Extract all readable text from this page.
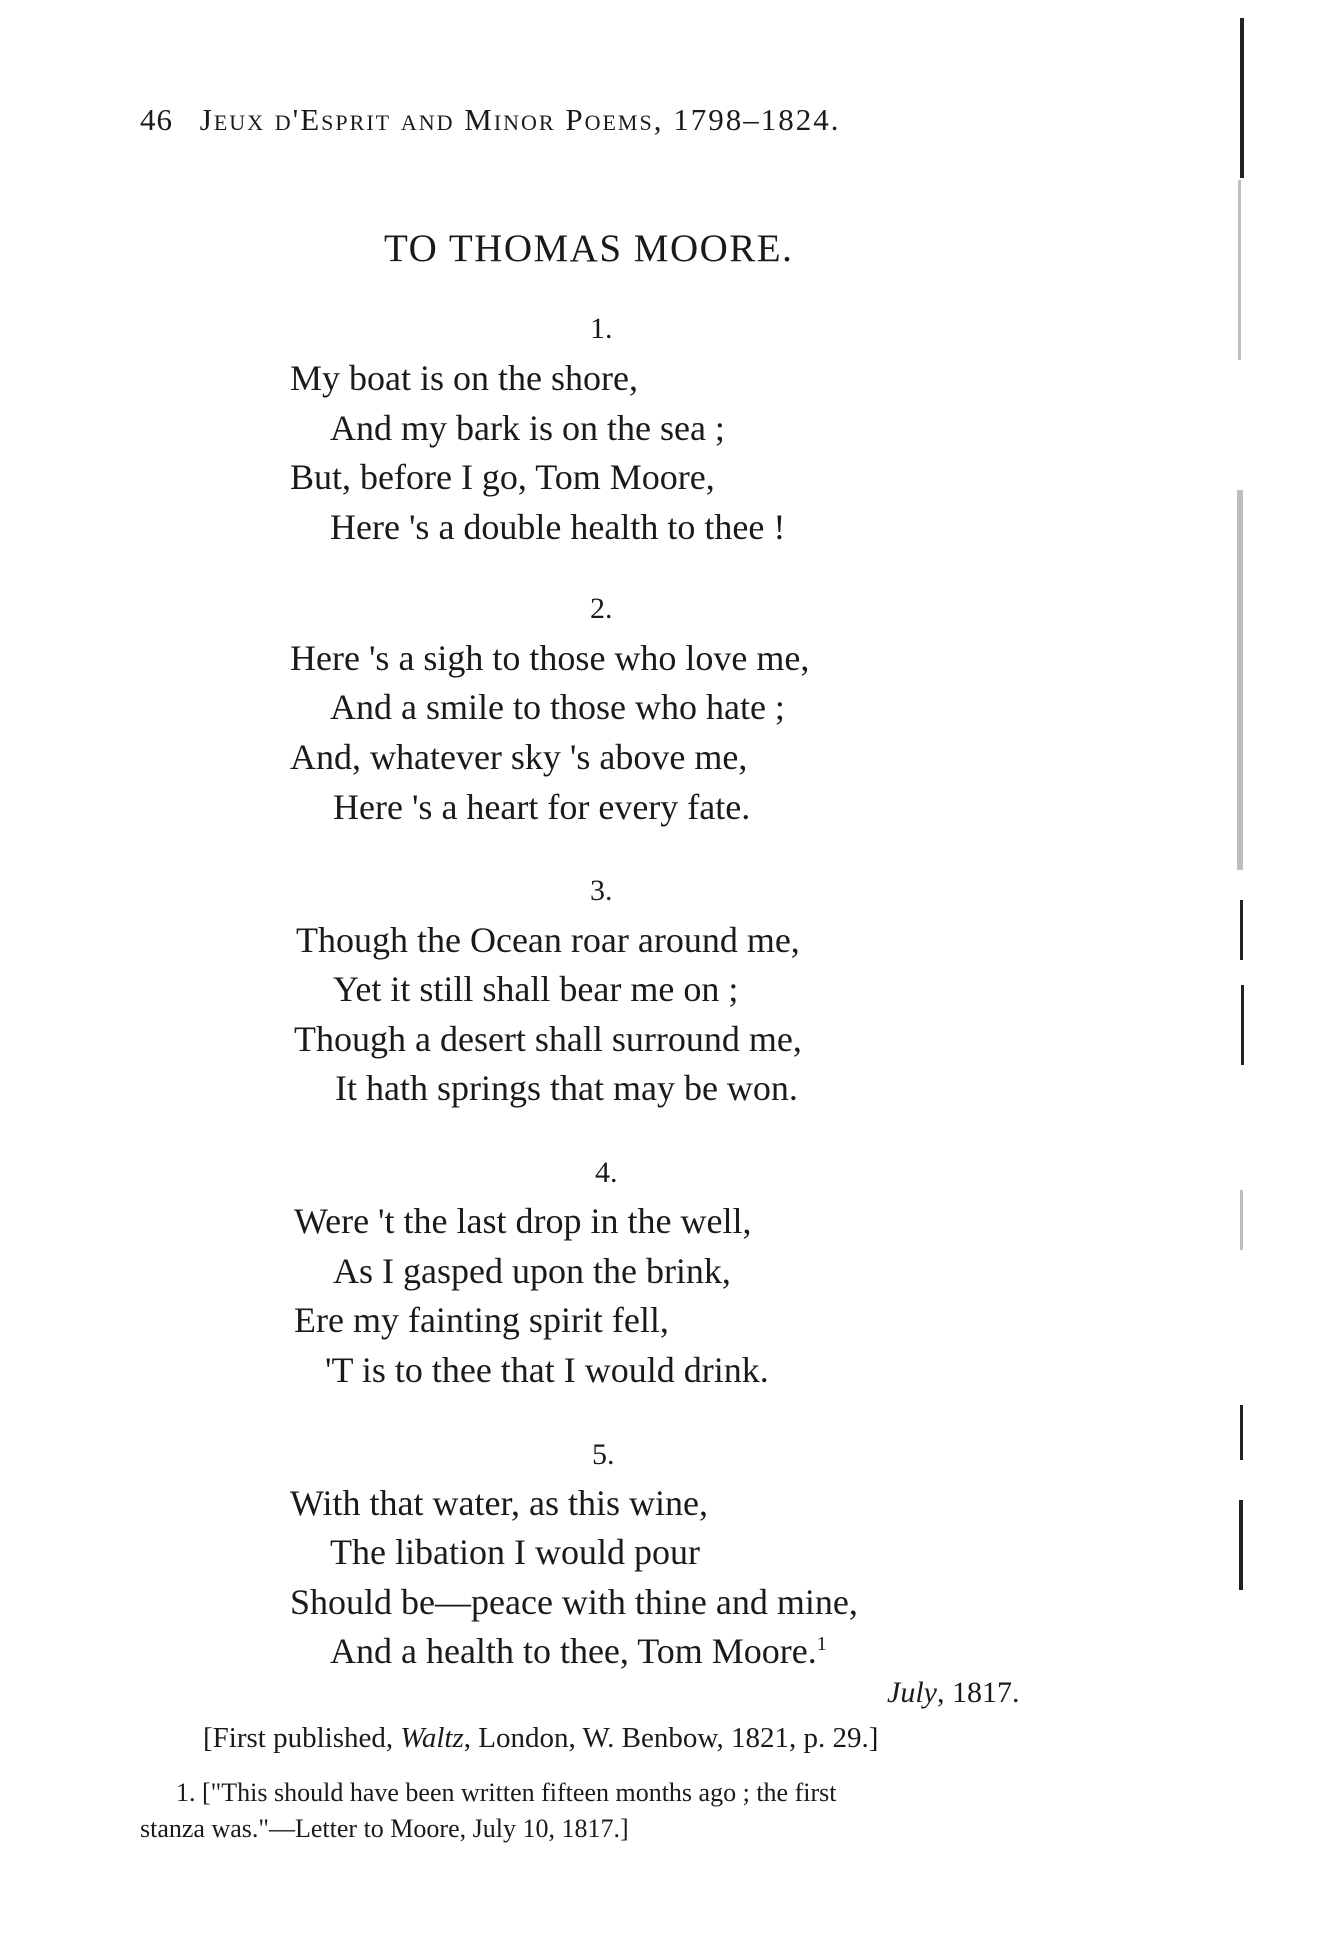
46 Jeux d'Esprit and Minor Poems, 1798–1824.
TO THOMAS MOORE.
1.
My boat is on the shore,
And my bark is on the sea ;
But, before I go, Tom Moore,
Here 's a double health to thee !
2.
Here 's a sigh to those who love me,
And a smile to those who hate ;
And, whatever sky 's above me,
Here 's a heart for every fate.
3.
Though the Ocean roar around me,
Yet it still shall bear me on ;
Though a desert shall surround me,
It hath springs that may be won.
4.
Were 't the last drop in the well,
As I gasped upon the brink,
Ere my fainting spirit fell,
'T is to thee that I would drink.
5.
With that water, as this wine,
The libation I would pour
Should be—peace with thine and mine,
And a health to thee, Tom Moore.$^1$
July, 1817.
[First published, Waltz, London, W. Benbow, 1821, p. 29.]
1. ["This should have been written fifteen months ago ; the first
stanza was."—Letter to Moore, July 10, 1817.]
